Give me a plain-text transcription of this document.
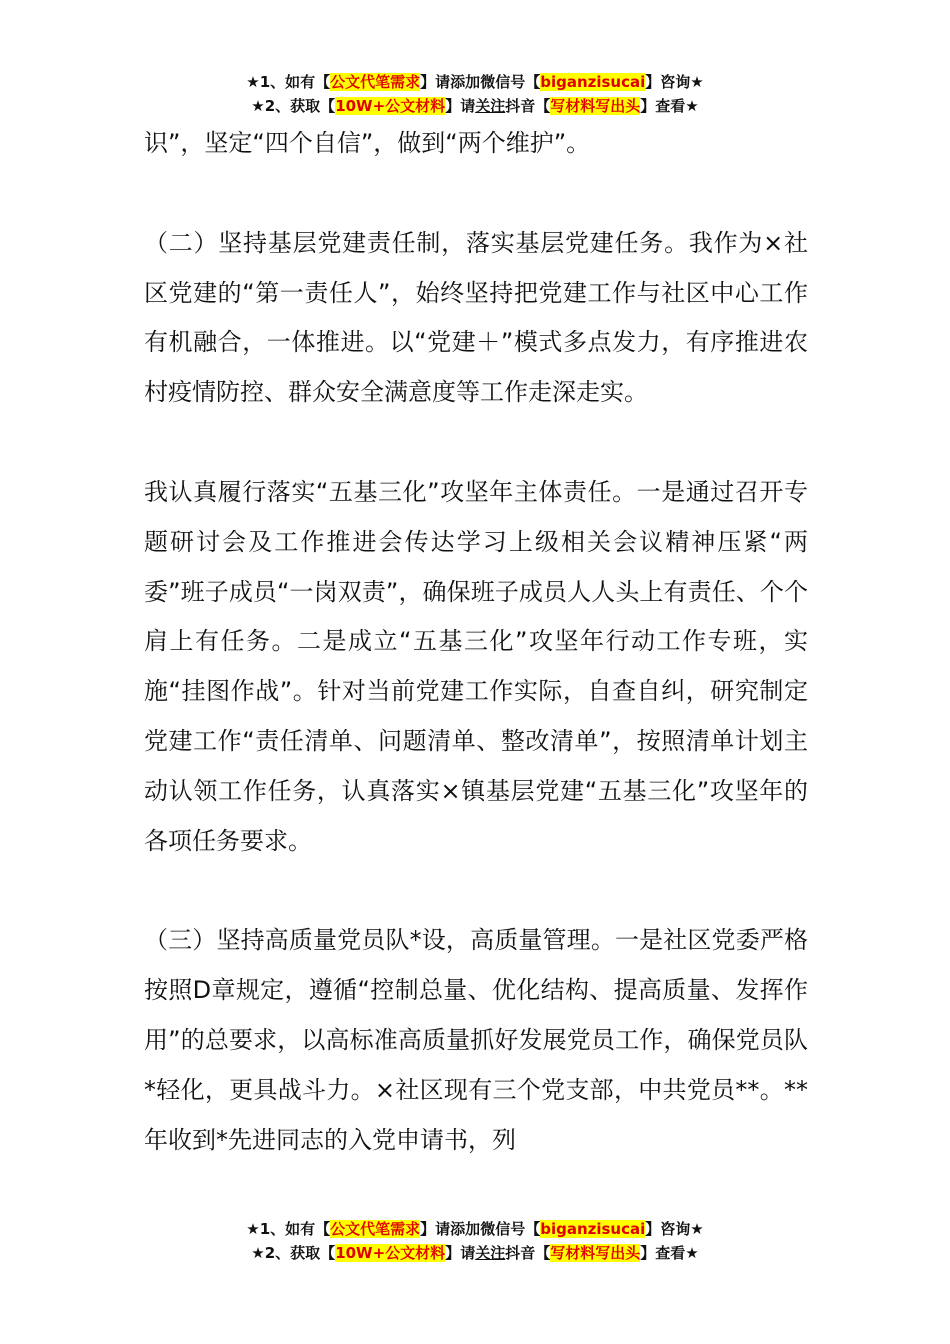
★1、如有【公文代笔需求】请添加微信号【biganzisucai】咨询★
★2、获取【10W+公文材料】请关注抖音【写材料写出头】查看★

识”，坚定“四个自信”，做到“两个维护”。

（二）坚持基层党建责任制，落实基层党建任务。我作为×社区党建的“第一责任人”，始终坚持把党建工作与社区中心工作有机融合，一体推进。以“党建＋”模式多点发力，有序推进农村疫情防控、群众安全满意度等工作走深走实。

我认真履行落实“五基三化”攻坚年主体责任。一是通过召开专题研讨会及工作推进会传达学习上级相关会议精神压紧“两委”班子成员“一岗双责”，确保班子成员人人头上有责任、个个肩上有任务。二是成立“五基三化”攻坚年行动工作专班，实施“挂图作战”。针对当前党建工作实际，自查自纠，研究制定党建工作“责任清单、问题清单、整改清单”，按照清单计划主动认领工作任务，认真落实×镇基层党建“五基三化”攻坚年的各项任务要求。

（三）坚持高质量党员队*设，高质量管理。一是社区党委严格按照D章规定，遵循“控制总量、优化结构、提高质量、发挥作用”的总要求，以高标准高质量抓好发展党员工作，确保党员队*轻化，更具战斗力。×社区现有三个党支部，中共党员**。**年收到*先进同志的入党申请书，列

★1、如有【公文代笔需求】请添加微信号【biganzisucai】咨询★
★2、获取【10W+公文材料】请关注抖音【写材料写出头】查看★
